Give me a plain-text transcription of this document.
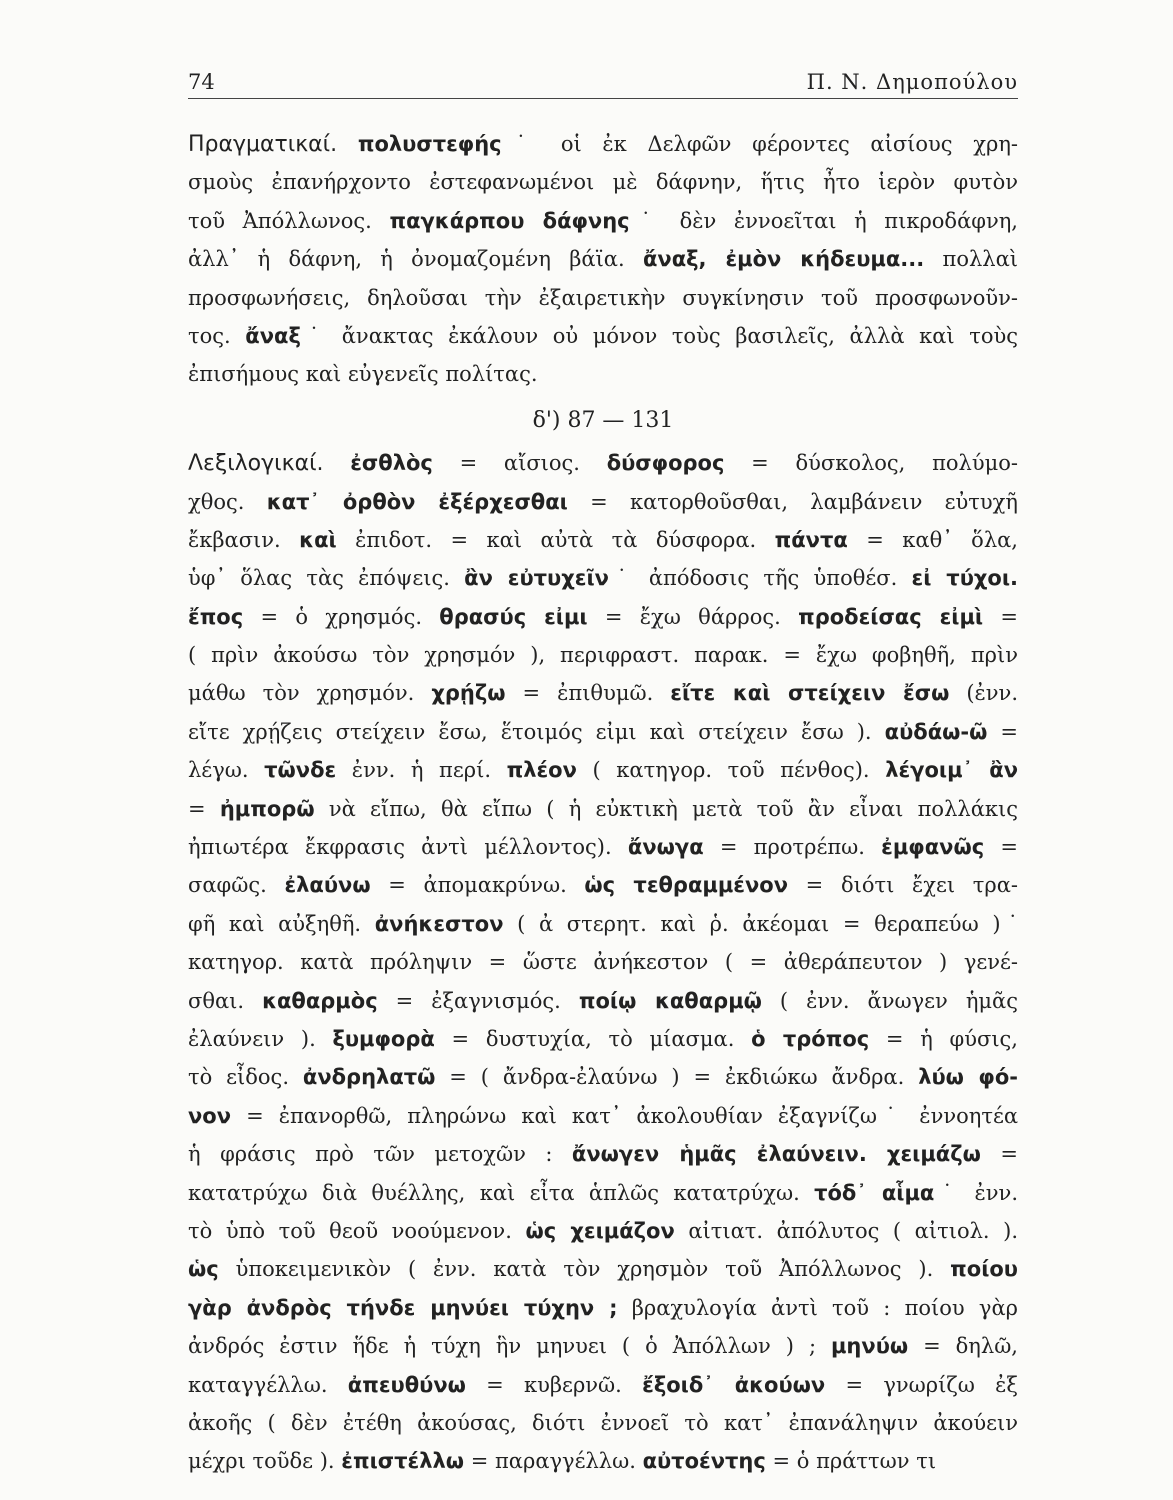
74	Π. Ν. Δημοπούλου
Πραγματικαί. πολυστεφής˙ οἱ ἐκ Δελφῶν φέροντες αἰσίους χρη-
σμοὺς ἐπανήρχοντο ἐστεφανωμένοι μὲ δάφνην, ἥτις ἦτο ἱερὸν φυτὸν
τοῦ Ἀπόλλωνος. παγκάρπου δάφνης˙ δὲν ἐννοεῖται ἡ πικροδάφνη,
ἀλλ᾽ ἡ δάφνη, ἡ ὀνομαζομένη βάϊα. ἄναξ, ἐμὸν κήδευμα... πολλαὶ
προσφωνήσεις, δηλοῦσαι τὴν ἐξαιρετικὴν συγκίνησιν τοῦ προσφωνοῦν-
τος. ἄναξ˙ ἄνακτας ἐκάλουν οὐ μόνον τοὺς βασιλεῖς, ἀλλὰ καὶ τοὺς
ἐπισήμους καὶ εὐγενεῖς πολίτας.
δ') 87 — 131
Λεξιλογικαί. ἐσθλὸς = αἴσιος. δύσφορος = δύσκολος, πολύμο-
χθος. κατ᾽ ὀρθὸν ἐξέρχεσθαι = κατορθοῦσθαι, λαμβάνειν εὐτυχῆ
ἔκβασιν. καὶ ἐπιδοτ. = καὶ αὐτὰ τὰ δύσφορα. πάντα = καθ᾽ ὅλα,
ὑφ᾽ ὅλας τὰς ἐπόψεις. ἂν εὐτυχεῖν˙ ἀπόδοσις τῆς ὑποθέσ. εἰ τύχοι.
ἔπος = ὁ χρησμός. θρασύς εἰμι = ἔχω θάρρος. προδείσας εἰμὶ =
( πρὶν ἀκούσω τὸν χρησμόν ), περιφραστ. παρακ. = ἔχω φοβηθῆ, πρὶν
μάθω τὸν χρησμόν. χρῄζω = ἐπιθυμῶ. εἴτε καὶ στείχειν ἔσω (ἐνν.
εἴτε χρῄζεις στείχειν ἔσω, ἕτοιμός εἰμι καὶ στείχειν ἔσω ). αὐδάω-ῶ =
λέγω. τῶνδε ἐνν. ἡ περί. πλέον ( κατηγορ. τοῦ πένθος). λέγοιμ᾽ ἂν
= ἠμπορῶ νὰ εἴπω, θὰ εἴπω ( ἡ εὐκτικὴ μετὰ τοῦ ἂν εἶναι πολλάκις
ἠπιωτέρα ἔκφρασις ἀντὶ μέλλοντος). ἄνωγα = προτρέπω. ἐμφανῶς =
σαφῶς. ἐλαύνω = ἀπομακρύνω. ὡς τεθραμμένον = διότι ἔχει τρα-
φῆ καὶ αὐξηθῆ. ἀνήκεστον ( ἀ στερητ. καὶ ῥ. ἀκέομαι = θεραπεύω )˙
κατηγορ. κατὰ πρόληψιν = ὥστε ἀνήκεστον ( = ἀθεράπευτον ) γενέ-
σθαι. καθαρμὸς = ἐξαγνισμός. ποίῳ καθαρμῷ ( ἐνν. ἄνωγεν ἡμᾶς
ἐλαύνειν ). ξυμφορὰ = δυστυχία, τὸ μίασμα. ὁ τρόπος = ἡ φύσις,
τὸ εἶδος. ἀνδρηλατῶ = ( ἄνδρα-ἐλαύνω ) = ἐκδιώκω ἄνδρα. λύω φό-
νον = ἐπανορθῶ, πληρώνω καὶ κατ᾽ ἀκολουθίαν ἐξαγνίζω˙ ἐννοητέα
ἡ φράσις πρὸ τῶν μετοχῶν : ἄνωγεν ἡμᾶς ἐλαύνειν. χειμάζω =
κατατρύχω διὰ θυέλλης, καὶ εἶτα ἁπλῶς κατατρύχω. τόδ᾽ αἷμα˙ ἐνν.
τὸ ὑπὸ τοῦ θεοῦ νοούμενον. ὡς χειμάζον αἰτιατ. ἀπόλυτος ( αἰτιολ. ).
ὡς ὑποκειμενικὸν ( ἐνν. κατὰ τὸν χρησμὸν τοῦ Ἀπόλλωνος ). ποίου
γὰρ ἀνδρὸς τήνδε μηνύει τύχην ; βραχυλογία ἀντὶ τοῦ : ποίου γὰρ
ἀνδρός ἐστιν ἥδε ἡ τύχη ἣν μηνυει ( ὁ Ἀπόλλων ) ; μηνύω = δηλῶ,
καταγγέλλω. ἀπευθύνω = κυβερνῶ. ἔξοιδ᾽ ἀκούων = γνωρίζω ἐξ
ἀκοῆς ( δὲν ἐτέθη ἀκούσας, διότι ἐννοεῖ τὸ κατ᾽ ἐπανάληψιν ἀκούειν
μέχρι τοῦδε ). ἐπιστέλλω = παραγγέλλω. αὐτοέντης = ὁ πράττων τι
